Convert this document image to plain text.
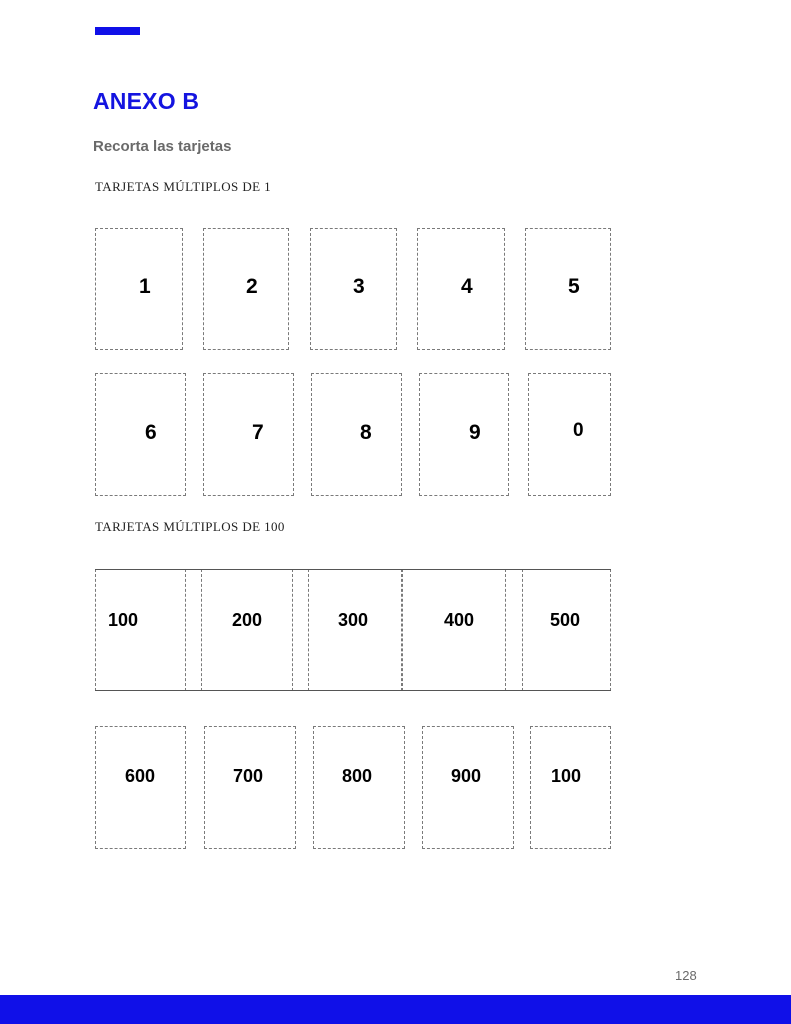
ANEXO B

Recorta las tarjetas

TARJETAS MÚLTIPLOS DE 1

1	2	3	4	5
6	7	8	9	0

TARJETAS MÚLTIPLOS DE 100

100	200	300	400	500
600	700	800	900	100

128
